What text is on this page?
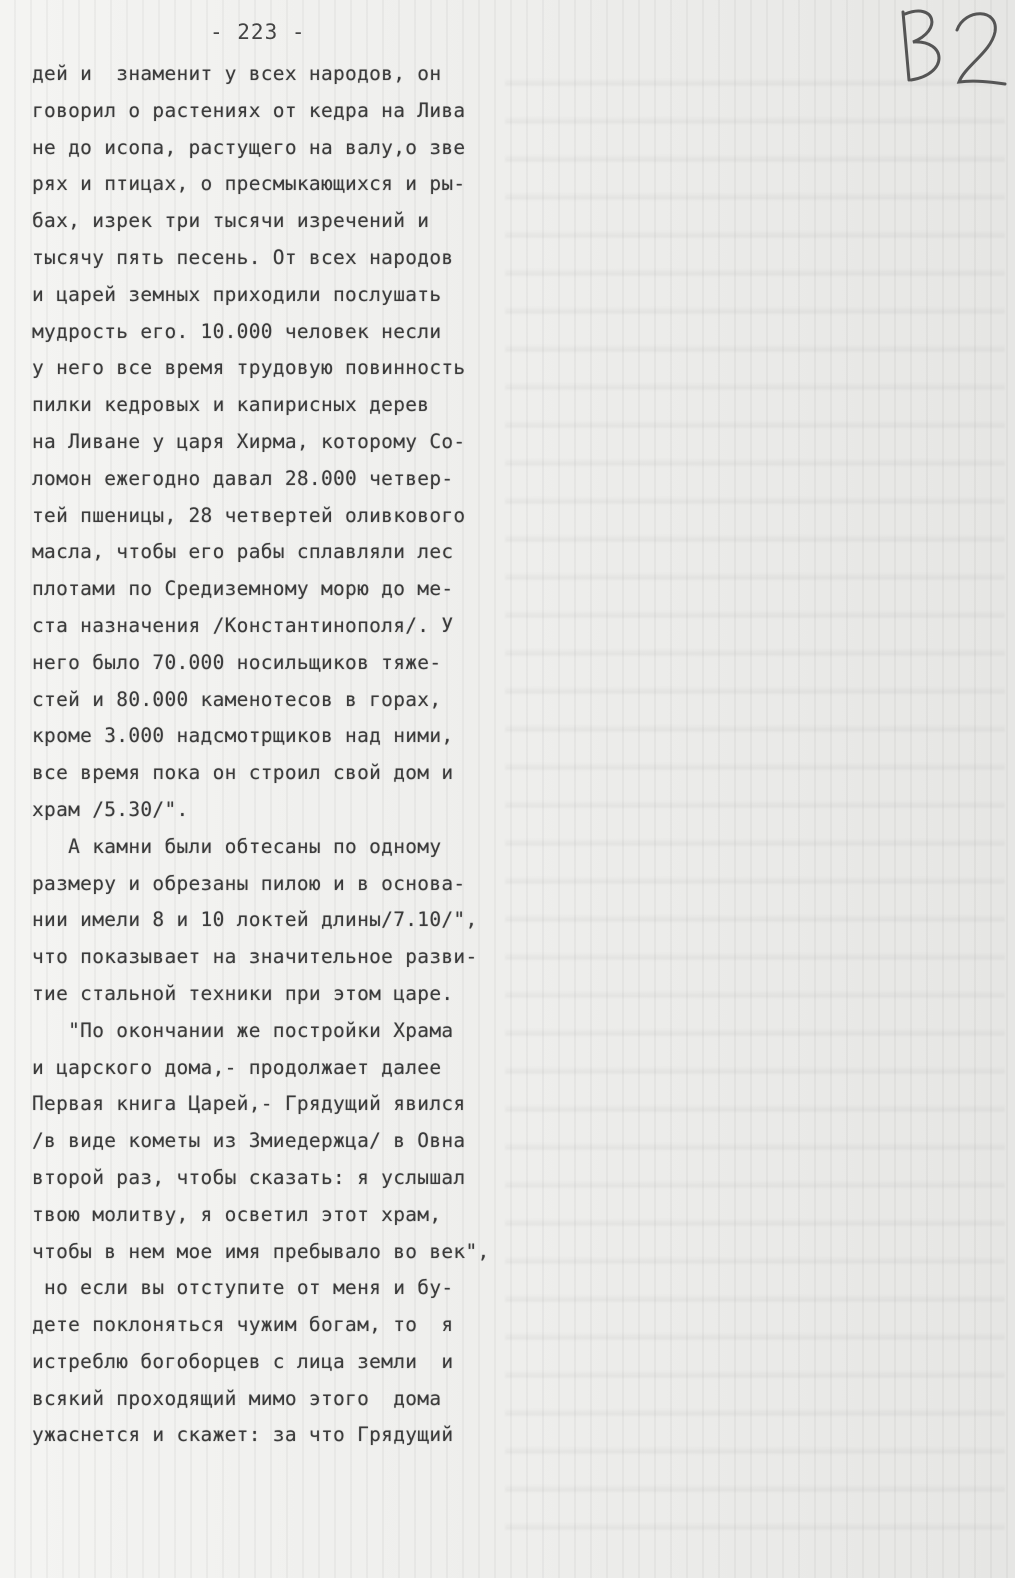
- 223 -
дей и  знаменит у всех народов, он
говорил о растениях от кедра на Лива
не до исопа, растущего на валу,о зве
рях и птицах, о пресмыкающихся и ры-
бах, изрек три тысячи изречений и
тысячу пять песень. От всех народов
и царей земных приходили послушать
мудрость его. 10.000 человек несли
у него все время трудовую повинность
пилки кедровых и капирисных дерев
на Ливане у царя Хирма, которому Со-
ломон ежегодно давал 28.000 четвер-
тей пшеницы, 28 четвертей оливкового
масла, чтобы его рабы сплавляли лес
плотами по Средиземному морю до ме-
ста назначения /Константинополя/. У
него было 70.000 носильщиков тяже-
стей и 80.000 каменотесов в горах,
кроме 3.000 надсмотрщиков над ними,
все время пока он строил свой дом и
храм /5.30/".
А камни были обтесаны по одному
размеру и обрезаны пилою и в основа-
нии имели 8 и 10 локтей длины/7.10/",
что показывает на значительное разви-
тие стальной техники при этом царе.
"По окончании же постройки Храма
и царского дома,- продолжает далее
Первая книга Царей,- Грядущий явился
/в виде кометы из Змиедержца/ в Овна
второй раз, чтобы сказать: я услышал
твою молитву, я осветил этот храм,
чтобы в нем мое имя пребывало во век",
но если вы отступите от меня и бу-
дете поклоняться чужим богам, то  я
истреблю богоборцев с лица земли  и
всякий проходящий мимо этого  дома
ужаснется и скажет: за что Грядущий
